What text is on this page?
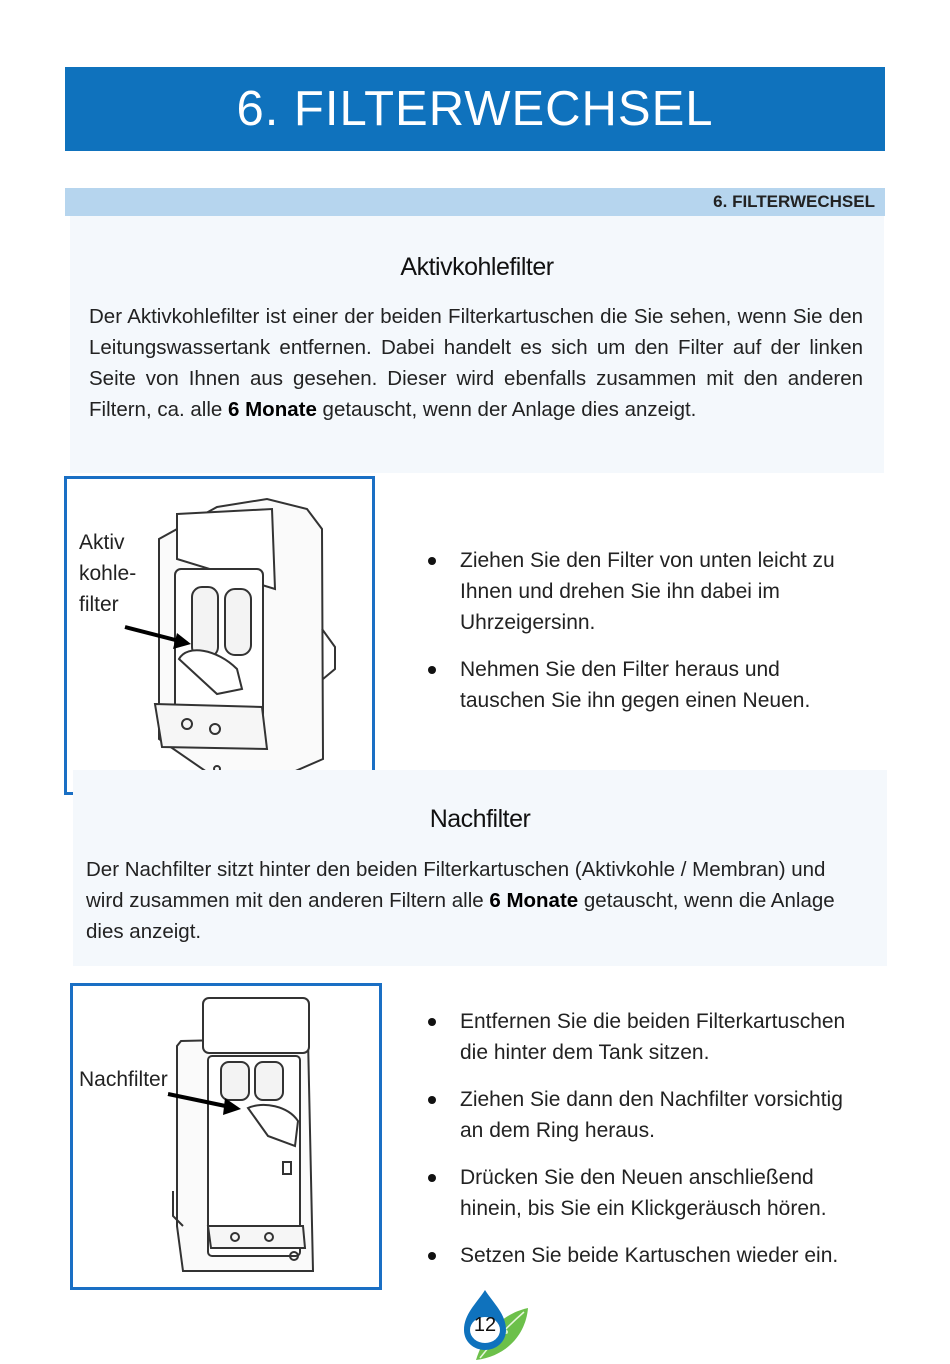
6. FILTERWECHSEL
6. FILTERWECHSEL
Aktivkohlefilter
Der Aktivkohlefilter ist einer der beiden Filterkartuschen die Sie sehen, wenn Sie den Leitungswassertank entfernen. Dabei handelt es sich um den Filter auf der linken Seite von Ihnen aus gesehen. Dieser wird ebenfalls zusammen mit den anderen Filtern, ca. alle 6 Monate getauscht, wenn der Anlage dies anzeigt.
Aktiv
kohle-
filter
Ziehen Sie den Filter von unten leicht zu Ihnen und drehen Sie ihn dabei im Uhrzeigersinn.
Nehmen Sie den Filter heraus und tauschen Sie ihn gegen einen Neuen.
Nachfilter
Der Nachfilter sitzt hinter den beiden Filterkartuschen (Aktivkohle / Membran) und wird zusammen mit den anderen Filtern alle 6 Monate getauscht, wenn die Anlage dies anzeigt.
Nachfilter
Entfernen Sie die beiden Filterkartuschen die hinter dem Tank sitzen.
Ziehen Sie dann den Nachfilter vorsichtig an dem Ring heraus.
Drücken Sie den Neuen anschließend hinein, bis Sie ein Klickgeräusch hören.
Setzen Sie beide Kartuschen wieder ein.
12
